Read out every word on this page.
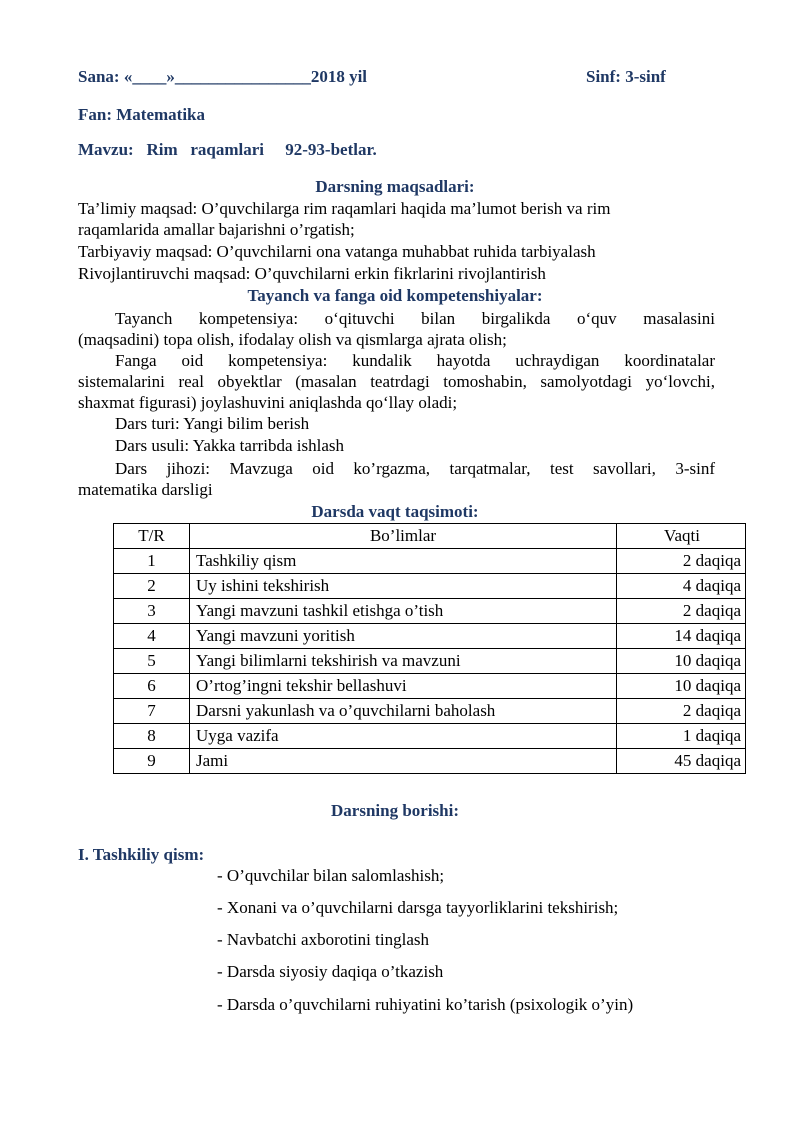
Sana: «____»________________2018 yil	Sinf: 3-sinf
Fan: Matematika
Mavzu:   Rim   raqamlari     92-93-betlar.
Darsning maqsadlari:
Ta’limiy maqsad: O’quvchilarga rim raqamlari haqida ma’lumot berish va rim
raqamlarida amallar bajarishni o’rgatish;
Tarbiyaviy maqsad: O’quvchilarni ona vatanga muhabbat ruhida tarbiyalash
Rivojlantiruvchi maqsad: O’quvchilarni erkin fikrlarini rivojlantirish
Tayanch va fanga oid kompetenshiyalar:
Tayanch kompetensiya: o‘qituvchi bilan birgalikda o‘quv masalasini
(maqsadini) topa olish, ifodalay olish va qismlarga ajrata olish;
Fanga oid kompetensiya: kundalik hayotda uchraydigan koordinatalar
sistemalarini real obyektlar (masalan teatrdagi tomoshabin, samolyotdagi yo‘lovchi,
shaxmat figurasi) joylashuvini aniqlashda qo‘llay oladi;
Dars turi: Yangi bilim berish
Dars usuli: Yakka tarribda ishlash
Dars jihozi: Mavzuga oid ko’rgazma, tarqatmalar, test savollari, 3-sinf
matematika darsligi
Darsda vaqt taqsimoti:
T/R	Bo’limlar	Vaqti
1	Tashkiliy qism	2 daqiqa
2	Uy ishini tekshirish	4 daqiqa
3	Yangi mavzuni tashkil etishga o’tish	2 daqiqa
4	Yangi mavzuni yoritish	14 daqiqa
5	Yangi bilimlarni tekshirish va mavzuni	10 daqiqa
6	O’rtog’ingni tekshir bellashuvi	10 daqiqa
7	Darsni yakunlash va o’quvchilarni baholash	2 daqiqa
8	Uyga vazifa	1 daqiqa
9	Jami	45 daqiqa
Darsning borishi:
I. Tashkiliy qism:
- O’quvchilar bilan salomlashish;
- Xonani va o’quvchilarni darsga tayyorliklarini tekshirish;
- Navbatchi axborotini tinglash
- Darsda siyosiy daqiqa o’tkazish
- Darsda o’quvchilarni ruhiyatini ko’tarish (psixologik o’yin)
